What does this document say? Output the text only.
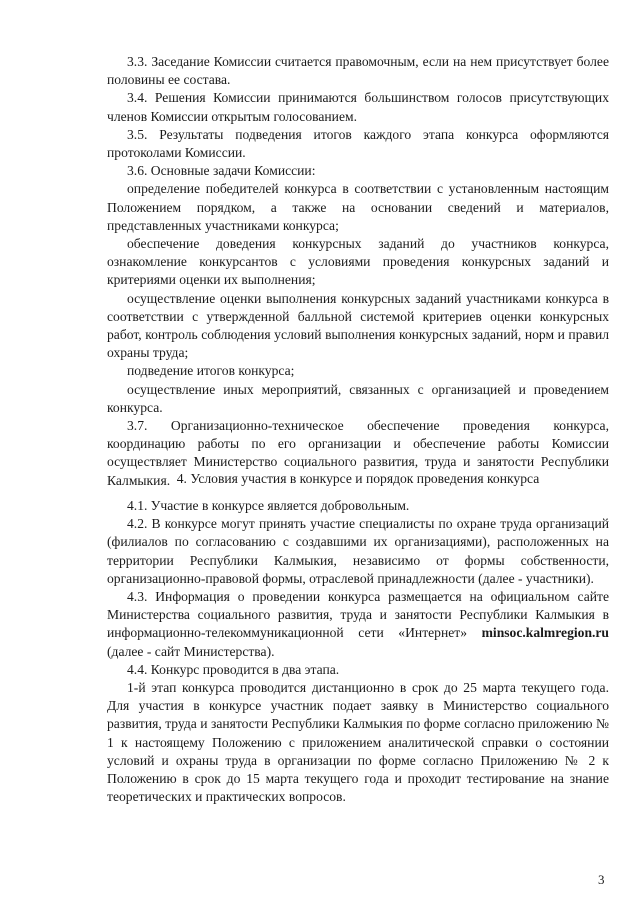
3.3. Заседание Комиссии считается правомочным, если на нем присутствует более половины ее состава.

3.4. Решения Комиссии принимаются большинством голосов присутствующих членов Комиссии открытым голосованием.

3.5. Результаты подведения итогов каждого этапа конкурса оформляются протоколами Комиссии.

3.6. Основные задачи Комиссии:

определение победителей конкурса в соответствии с установленным настоящим Положением порядком, а также на основании сведений и материалов, представленных участниками конкурса;

обеспечение доведения конкурсных заданий до участников конкурса, ознакомление конкурсантов с условиями проведения конкурсных заданий и критериями оценки их выполнения;

осуществление оценки выполнения конкурсных заданий участниками конкурса в соответствии с утвержденной балльной системой критериев оценки конкурсных работ, контроль соблюдения условий выполнения конкурсных заданий, норм и правил охраны труда;

подведение итогов конкурса;

осуществление иных мероприятий, связанных с организацией и проведением конкурса.

3.7. Организационно-техническое обеспечение проведения конкурса, координацию работы по его организации и обеспечение работы Комиссии осуществляет Министерство социального развития, труда и занятости Республики Калмыкия. 4. Условия участия в конкурсе и порядок проведения конкурса

4.1. Участие в конкурсе является добровольным.

4.2. В конкурсе могут принять участие специалисты по охране труда организаций (филиалов по согласованию с создавшими их организациями), расположенных на территории Республики Калмыкия, независимо от формы собственности, организационно-правовой формы, отраслевой принадлежности (далее - участники).

4.3. Информация о проведении конкурса размещается на официальном сайте Министерства социального развития, труда и занятости Республики Калмыкия в информационно-телекоммуникационной сети «Интернет» minsoc.kalmregion.ru (далее - сайт Министерства).

4.4. Конкурс проводится в два этапа.

1-й этап конкурса проводится дистанционно в срок до 25 марта текущего года. Для участия в конкурсе участник подает заявку в Министерство социального развития, труда и занятости Республики Калмыкия по форме согласно приложению № 1 к настоящему Положению с приложением аналитической справки о состоянии условий и охраны труда в организации по форме согласно Приложению № 2 к Положению в срок до 15 марта текущего года и проходит тестирование на знание теоретических и практических вопросов.

3
